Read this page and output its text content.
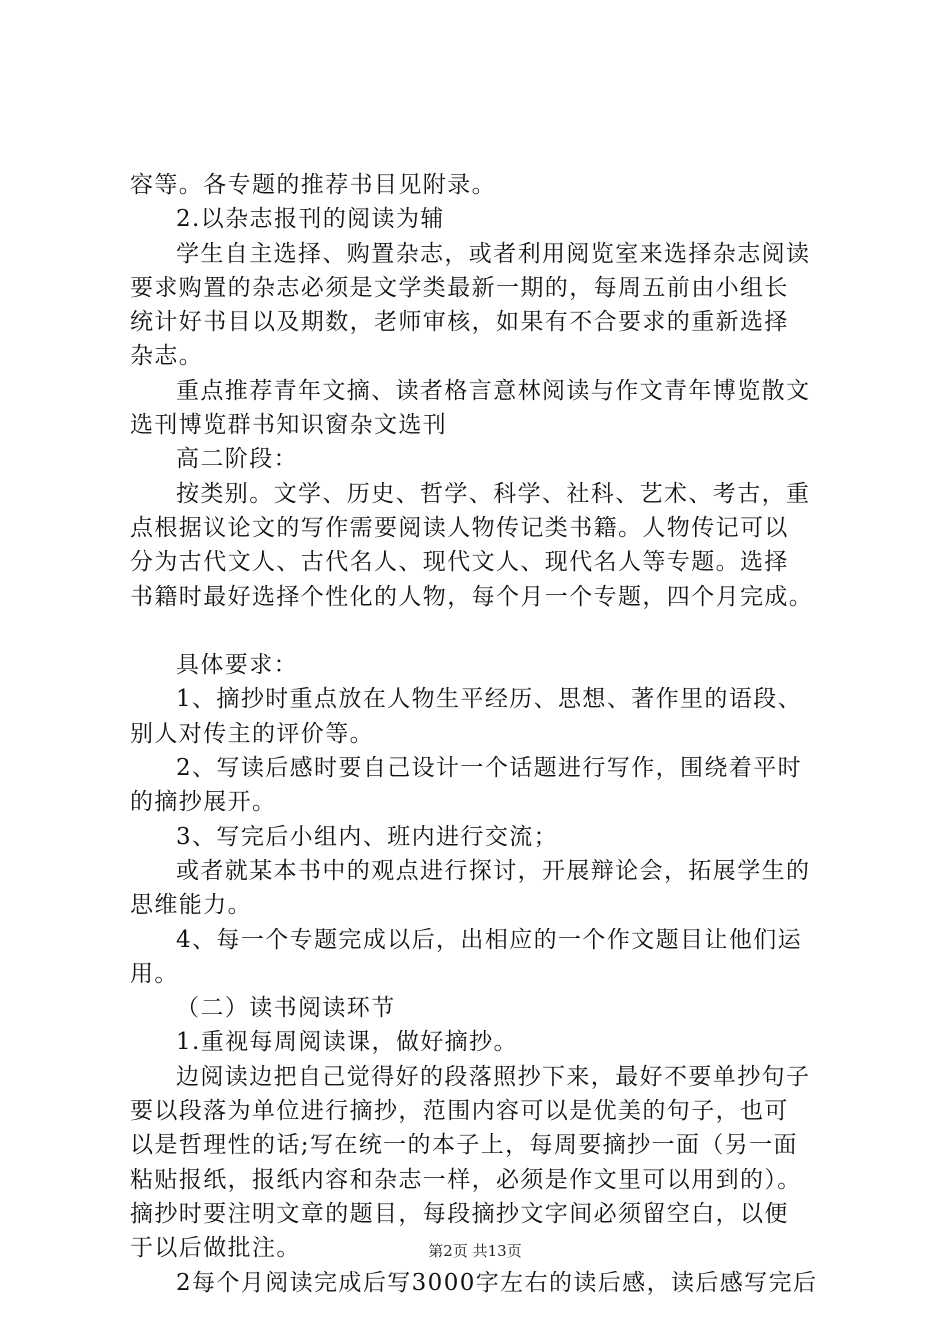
容等。各专题的推荐书目见附录。
2.以杂志报刊的阅读为辅
学生自主选择、购置杂志，或者利用阅览室来选择杂志阅读
要求购置的杂志必须是文学类最新一期的，每周五前由小组长
统计好书目以及期数，老师审核，如果有不合要求的重新选择
杂志。
重点推荐青年文摘、读者格言意林阅读与作文青年博览散文
选刊博览群书知识窗杂文选刊
高二阶段：
按类别。文学、历史、哲学、科学、社科、艺术、考古，重
点根据议论文的写作需要阅读人物传记类书籍。人物传记可以
分为古代文人、古代名人、现代文人、现代名人等专题。选择
书籍时最好选择个性化的人物，每个月一个专题，四个月完成。
具体要求：
1、摘抄时重点放在人物生平经历、思想、著作里的语段、
别人对传主的评价等。
2、写读后感时要自己设计一个话题进行写作，围绕着平时
的摘抄展开。
3、写完后小组内、班内进行交流；
或者就某本书中的观点进行探讨，开展辩论会，拓展学生的
思维能力。
4、每一个专题完成以后，出相应的一个作文题目让他们运
用。
（二）读书阅读环节
1.重视每周阅读课，做好摘抄。
边阅读边把自己觉得好的段落照抄下来，最好不要单抄句子
要以段落为单位进行摘抄，范围内容可以是优美的句子，也可
以是哲理性的话;写在统一的本子上，每周要摘抄一面（另一面
粘贴报纸，报纸内容和杂志一样，必须是作文里可以用到的）。
摘抄时要注明文章的题目，每段摘抄文字间必须留空白，以便
于以后做批注。
2每个月阅读完成后写3000字左右的读后感，读后感写完后
第2页 共13页
